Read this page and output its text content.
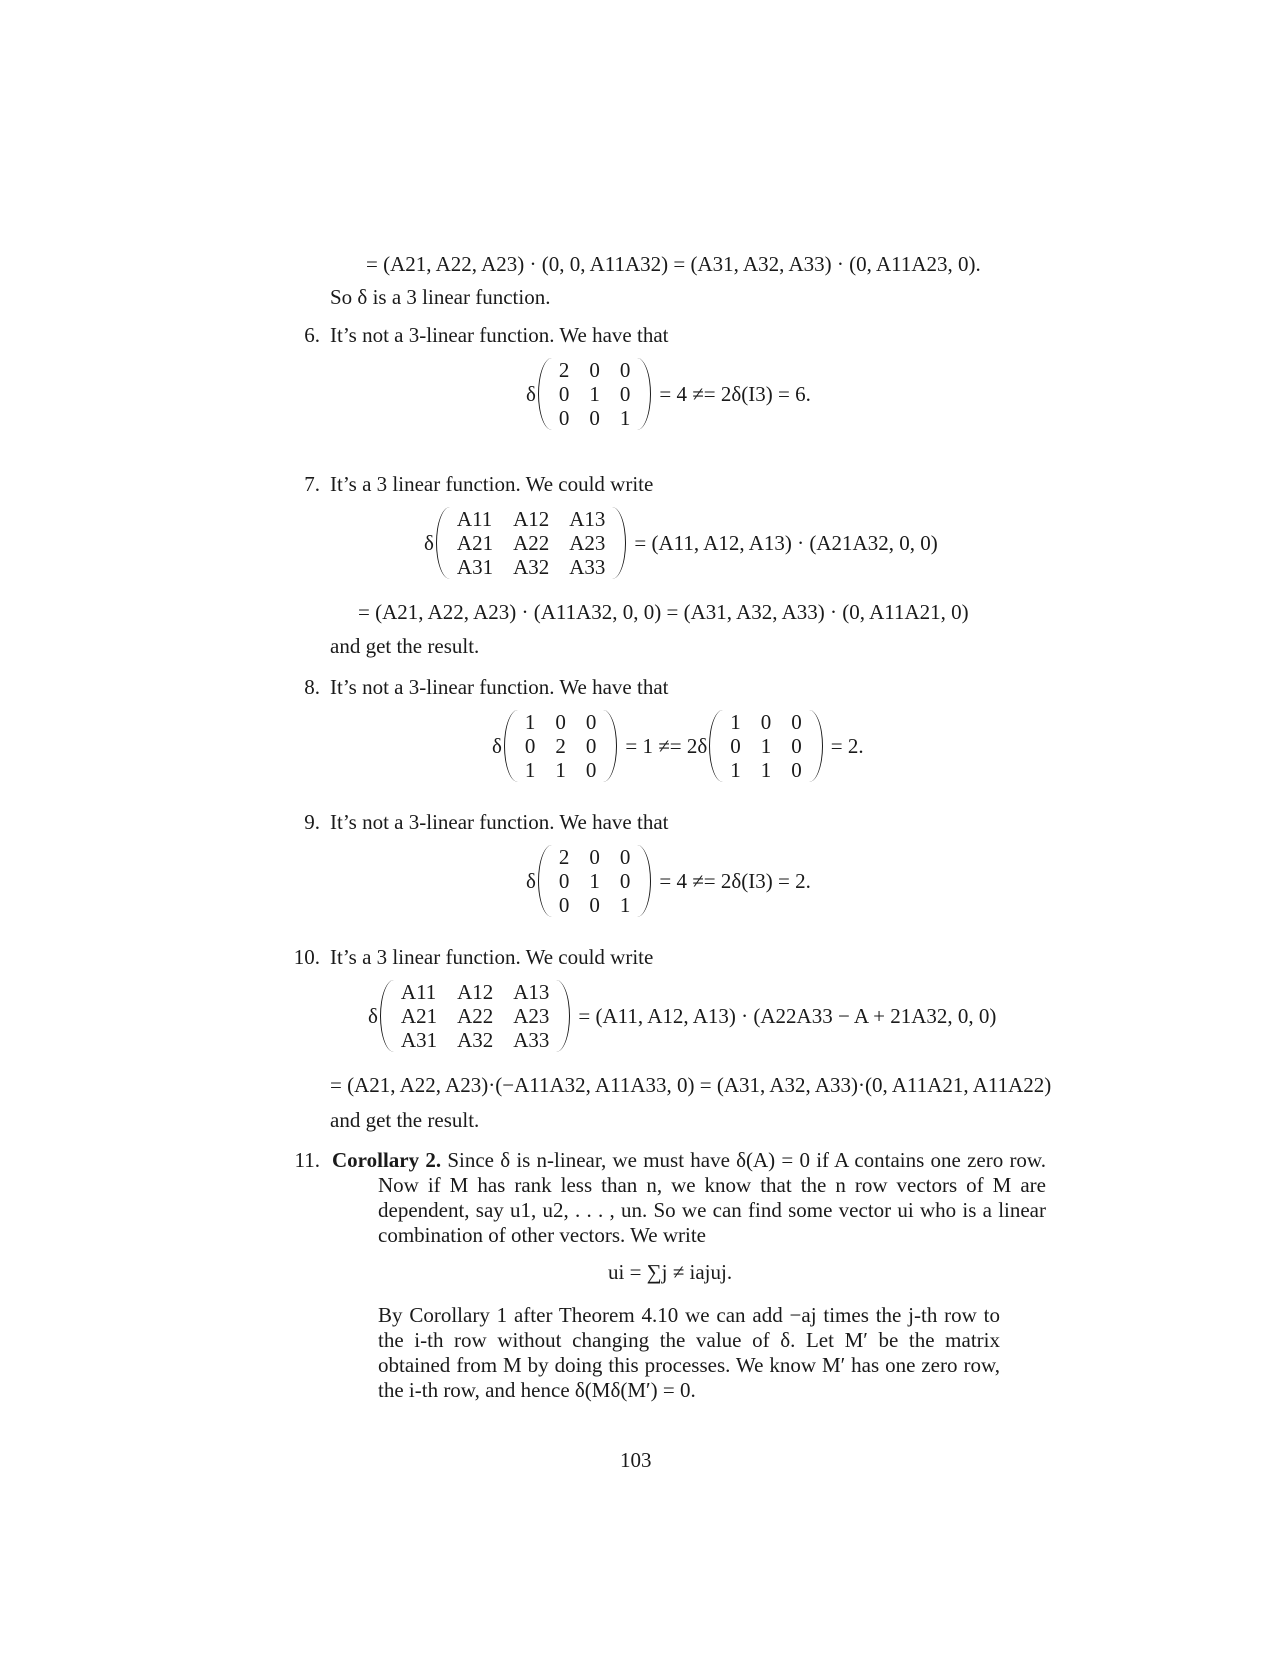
= (A21, A22, A23) · (0, 0, A11A32) = (A31, A32, A33) · (0, A11A23, 0).
So δ is a 3 linear function.
6. It’s not a 3-linear function. We have that
δ
2	0	0
0	1	0
0	0	1
= 4 ≠= 2δ(I3) = 6.
7. It’s a 3 linear function. We could write
δ
A11	A12	A13
A21	A22	A23
A31	A32	A33
= (A11, A12, A13) · (A21A32, 0, 0)
= (A21, A22, A23) · (A11A32, 0, 0) = (A31, A32, A33) · (0, A11A21, 0)
and get the result.
8. It’s not a 3-linear function. We have that
δ
1	0	0
0	2	0
1	1	0
= 1 ≠= 2δ
1	0	0
0	1	0
1	1	0
= 2.
9. It’s not a 3-linear function. We have that
δ
2	0	0
0	1	0
0	0	1
= 4 ≠= 2δ(I3) = 2.
10. It’s a 3 linear function. We could write
δ
A11	A12	A13
A21	A22	A23
A31	A32	A33
= (A11, A12, A13) · (A22A33 − A + 21A32, 0, 0)
= (A21, A22, A23)·(−A11A32, A11A33, 0) = (A31, A32, A33)·(0, A11A21, A11A22)
and get the result.
11. Corollary 2. Since δ is n-linear, we must have δ(A) = 0 if A contains one zero row. Now if M has rank less than n, we know that the n row vectors of M are dependent, say u1, u2, . . . , un. So we can find some vector ui who is a linear combination of other vectors. We write
ui = ∑j ≠ iajuj.
By Corollary 1 after Theorem 4.10 we can add −aj times the j-th row to the i-th row without changing the value of δ. Let M′ be the matrix obtained from M by doing this processes. We know M′ has one zero row, the i-th row, and hence δ(Mδ(M′) = 0.
103
